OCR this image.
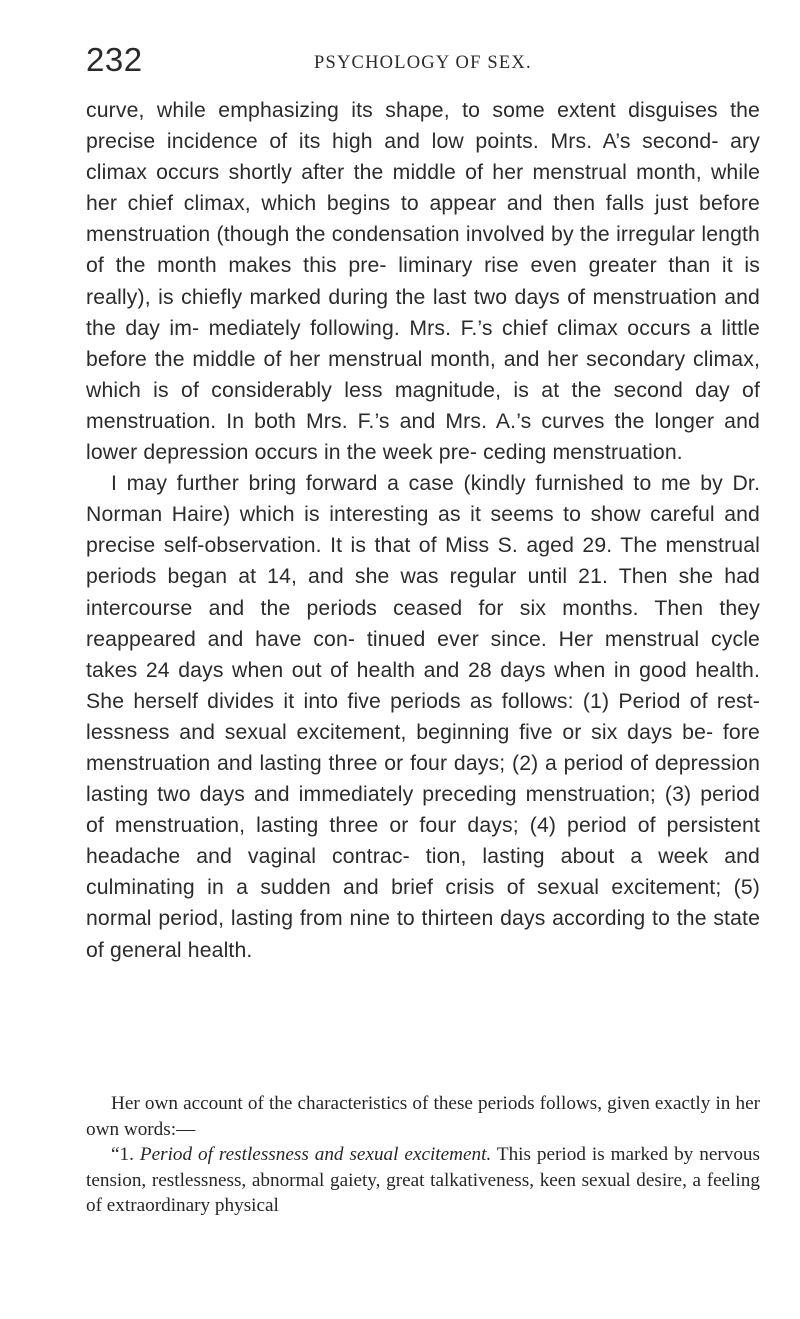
232	PSYCHOLOGY OF SEX.

curve, while emphasizing its shape, to some extent disguises the precise incidence of its high and low points. Mrs. A’s second- ary climax occurs shortly after the middle of her menstrual month, while her chief climax, which begins to appear and then falls just before menstruation (though the condensation involved by the irregular length of the month makes this pre- liminary rise even greater than it is really), is chiefly marked during the last two days of menstruation and the day im- mediately following. Mrs. F.’s chief climax occurs a little before the middle of her menstrual month, and her secondary climax, which is of considerably less magnitude, is at the second day of menstruation. In both Mrs. F.’s and Mrs. A.’s curves the longer and lower depression occurs in the week pre- ceding menstruation.

I may further bring forward a case (kindly furnished to me by Dr. Norman Haire) which is interesting as it seems to show careful and precise self-observation. It is that of Miss S. aged 29. The menstrual periods began at 14, and she was regular until 21. Then she had intercourse and the periods ceased for six months. Then they reappeared and have con- tinued ever since. Her menstrual cycle takes 24 days when out of health and 28 days when in good health. She herself divides it into five periods as follows: (1) Period of rest- lessness and sexual excitement, beginning five or six days be- fore menstruation and lasting three or four days; (2) a period of depression lasting two days and immediately preceding menstruation; (3) period of menstruation, lasting three or four days; (4) period of persistent headache and vaginal contrac- tion, lasting about a week and culminating in a sudden and brief crisis of sexual excitement; (5) normal period, lasting from nine to thirteen days according to the state of general health.

Her own account of the characteristics of these periods follows, given exactly in her own words:—

“1. Period of restlessness and sexual excitement. This period is marked by nervous tension, restlessness, abnormal gaiety, great talkativeness, keen sexual desire, a feeling of extraordinary physical
